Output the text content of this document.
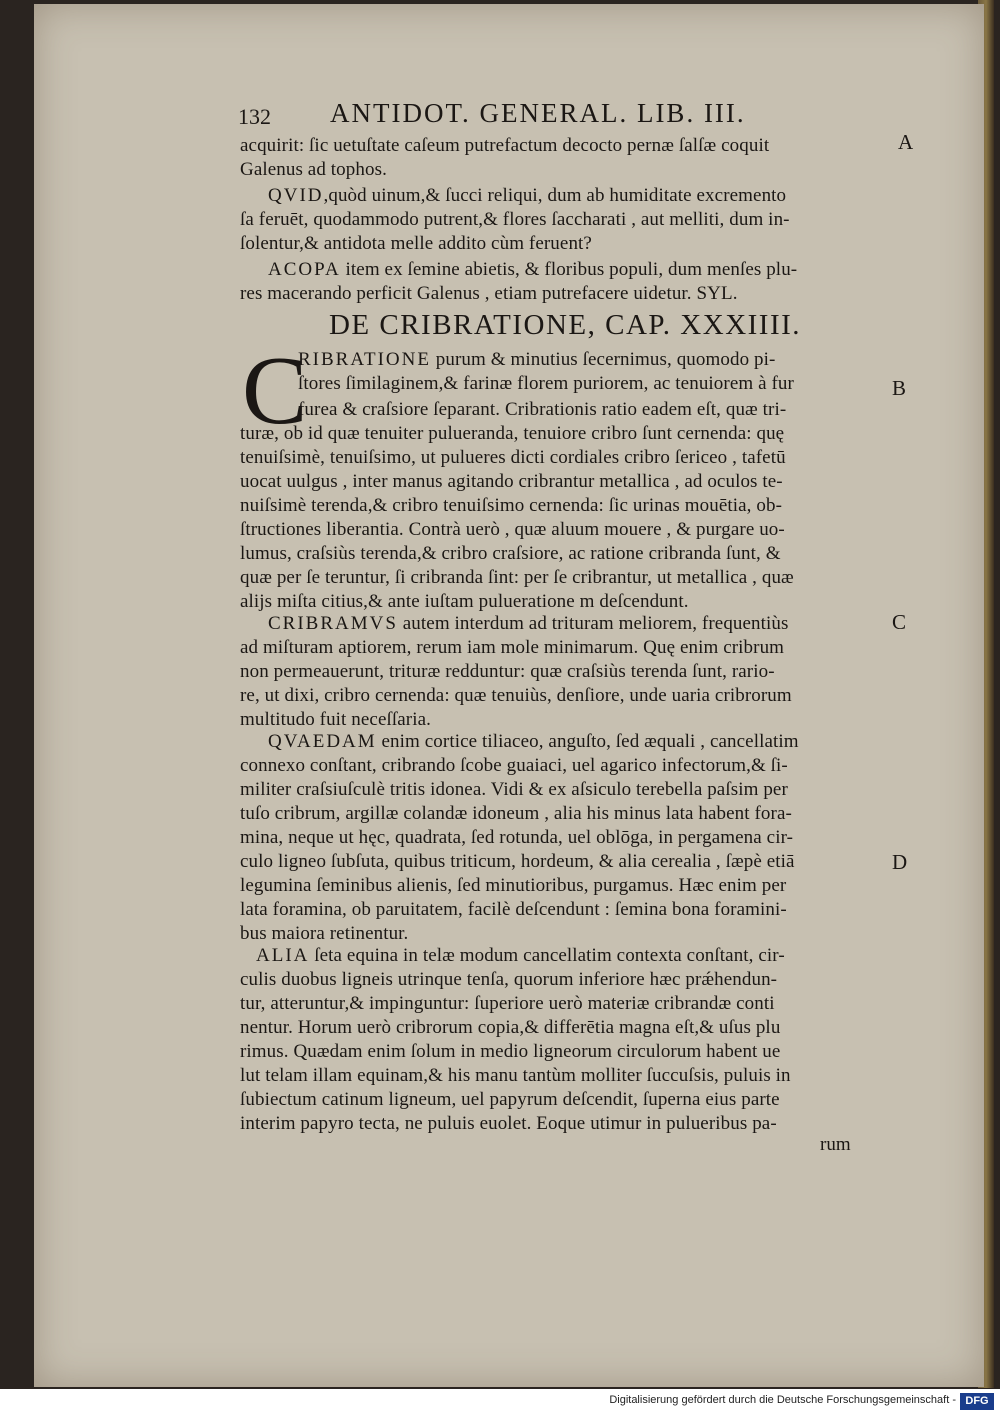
132 ANTIDOT. GENERAL. LIB. III.
DE CRIBRATIONE, CAP. XXXIIII.
C
A
B
C
D
acquirit: ſic uetuſtate caſeum putrefactum decocto pernæ ſalſæ coquit
Galenus ad tophos.
QVID,quòd uinum,& ſucci reliqui, dum ab humiditate excremento
ſa feruēt, quodammodo putrent,& flores ſaccharati , aut melliti, dum in-
ſolentur,& antidota melle addito cùm feruent?
ACOPA item ex ſemine abietis, & floribus populi, dum menſes plu-
res macerando perficit Galenus , etiam putrefacere uidetur. SYL.
RIBRATIONE purum & minutius ſecernimus, quomodo pi-
ſtores ſimilaginem,& farinæ florem puriorem, ac tenuiorem à fur
furea & craſsiore ſeparant. Cribrationis ratio eadem eſt, quæ tri-
turæ, ob id quæ tenuiter pulueranda, tenuiore cribro ſunt cernenda: quę
tenuiſsimè, tenuiſsimo, ut pulueres dicti cordiales cribro ſericeo , tafetū
uocat uulgus , inter manus agitando cribrantur metallica , ad oculos te-
nuiſsimè terenda,& cribro tenuiſsimo cernenda: ſic urinas mouētia, ob-
ſtructiones liberantia. Contrà uerò , quæ aluum mouere , & purgare uo-
lumus, craſsiùs terenda,& cribro craſsiore, ac ratione cribranda ſunt, &
quæ per ſe teruntur, ſi cribranda ſint: per ſe cribrantur, ut metallica , quæ
alijs miſta citius,& ante iuſtam pulueratione m deſcendunt.
CRIBRAMVS autem interdum ad trituram meliorem, frequentiùs
ad miſturam aptiorem, rerum iam mole minimarum. Quę enim cribrum
non permeauerunt, trituræ redduntur: quæ craſsiùs terenda ſunt, rario-
re, ut dixi, cribro cernenda: quæ tenuiùs, denſiore, unde uaria cribrorum
multitudo fuit neceſſaria.
QVAEDAM enim cortice tiliaceo, anguſto, ſed æquali , cancellatim
connexo conſtant, cribrando ſcobe guaiaci, uel agarico infectorum,& ſi-
militer craſsiuſculè tritis idonea. Vidi & ex aſsiculo terebella paſsim per
tuſo cribrum, argillæ colandæ idoneum , alia his minus lata habent fora-
mina, neque ut hęc, quadrata, ſed rotunda, uel oblōga, in pergamena cir-
culo ligneo ſubſuta, quibus triticum, hordeum, & alia cerealia , ſæpè etiā
legumina ſeminibus alienis, ſed minutioribus, purgamus. Hæc enim per
lata foramina, ob paruitatem, facilè deſcendunt : ſemina bona foramini-
bus maiora retinentur.
ALIA ſeta equina in telæ modum cancellatim contexta conſtant, cir-
culis duobus ligneis utrinque tenſa, quorum inferiore hæc prǽhendun-
tur, atteruntur,& impinguntur: ſuperiore uerò materiæ cribrandæ conti
nentur. Horum uerò cribrorum copia,& differētia magna eſt,& uſus plu
rimus. Quædam enim ſolum in medio ligneorum circulorum habent ue
lut telam illam equinam,& his manu tantùm molliter ſuccuſsis, puluis in
ſubiectum catinum ligneum, uel papyrum deſcendit, ſuperna eius parte
interim papyro tecta, ne puluis euolet. Eoque utimur in pulueribus pa-
rum
Digitalisierung gefördert durch die Deutsche Forschungsgemeinschaft - DFG
